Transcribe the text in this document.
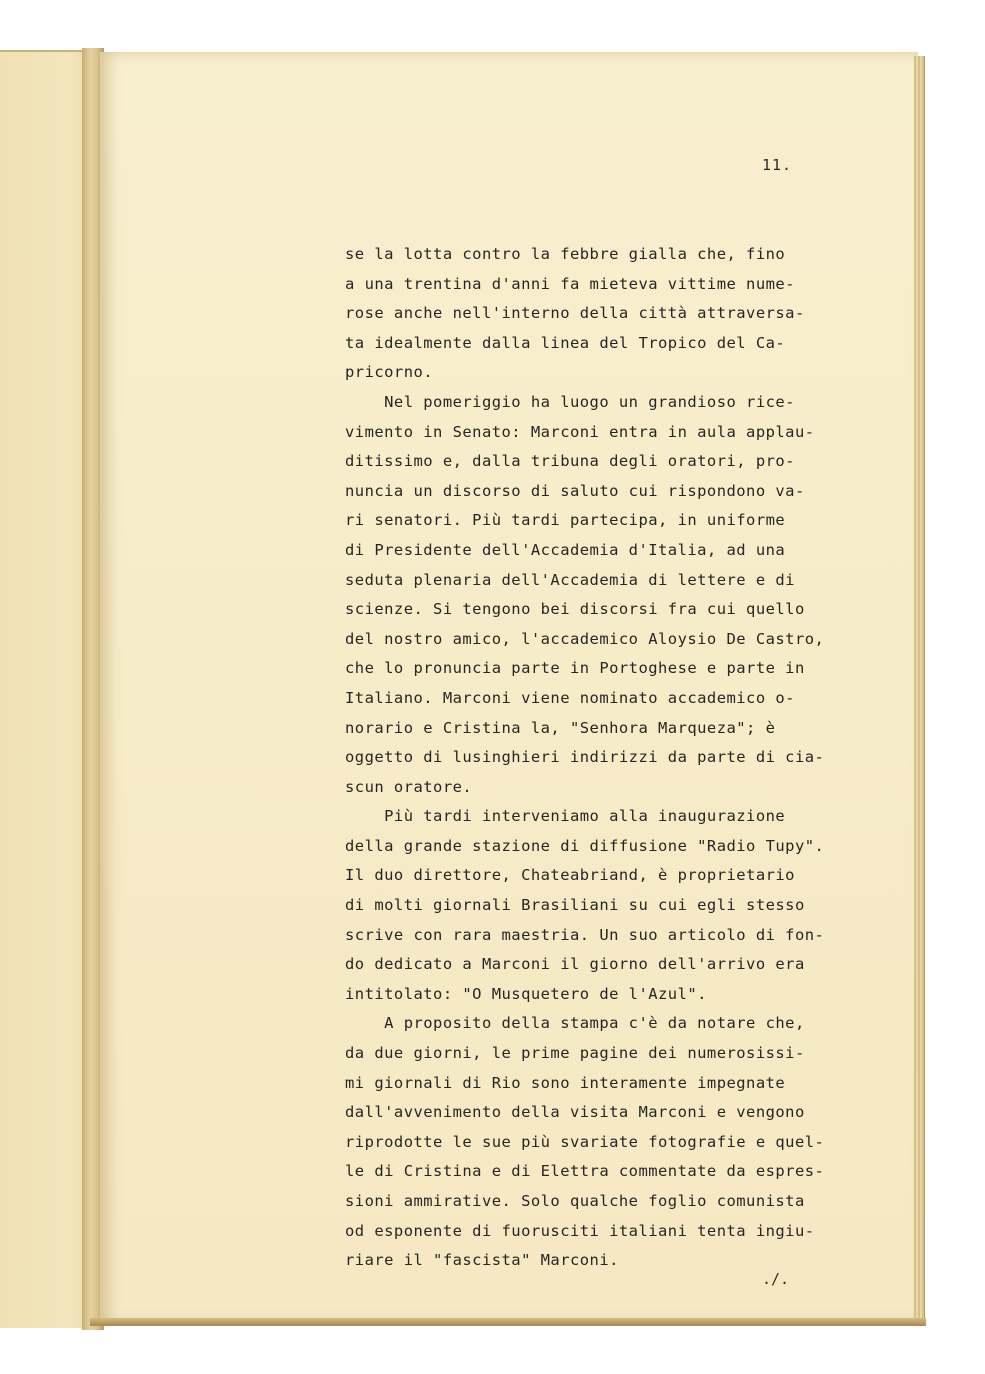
11.
se la lotta contro la febbre gialla che, fino
a una trentina d'anni fa mieteva vittime nume-
rose anche nell'interno della città attraversa-
ta idealmente dalla linea del Tropico del Ca-
pricorno.
Nel pomeriggio ha luogo un grandioso rice-
vimento in Senato: Marconi entra in aula applau-
ditissimo e, dalla tribuna degli oratori, pro-
nuncia un discorso di saluto cui rispondono va-
ri senatori. Più tardi partecipa, in uniforme
di Presidente dell'Accademia d'Italia, ad una
seduta plenaria dell'Accademia di lettere e di
scienze. Si tengono bei discorsi fra cui quello
del nostro amico, l'accademico Aloysio De Castro,
che lo pronuncia parte in Portoghese e parte in
Italiano. Marconi viene nominato accademico o-
norario e Cristina la, "Senhora Marqueza"; è
oggetto di lusinghieri indirizzi da parte di cia-
scun oratore.
Più tardi interveniamo alla inaugurazione
della grande stazione di diffusione "Radio Tupy".
Il duo direttore, Chateabriand, è proprietario
di molti giornali Brasiliani su cui egli stesso
scrive con rara maestria. Un suo articolo di fon-
do dedicato a Marconi il giorno dell'arrivo era
intitolato: "O Musquetero de l'Azul".
A proposito della stampa c'è da notare che,
da due giorni, le prime pagine dei numerosissi-
mi giornali di Rio sono interamente impegnate
dall'avvenimento della visita Marconi e vengono
riprodotte le sue più svariate fotografie e quel-
le di Cristina e di Elettra commentate da espres-
sioni ammirative. Solo qualche foglio comunista
od esponente di fuorusciti italiani tenta ingiu-
riare il "fascista" Marconi.
./.
